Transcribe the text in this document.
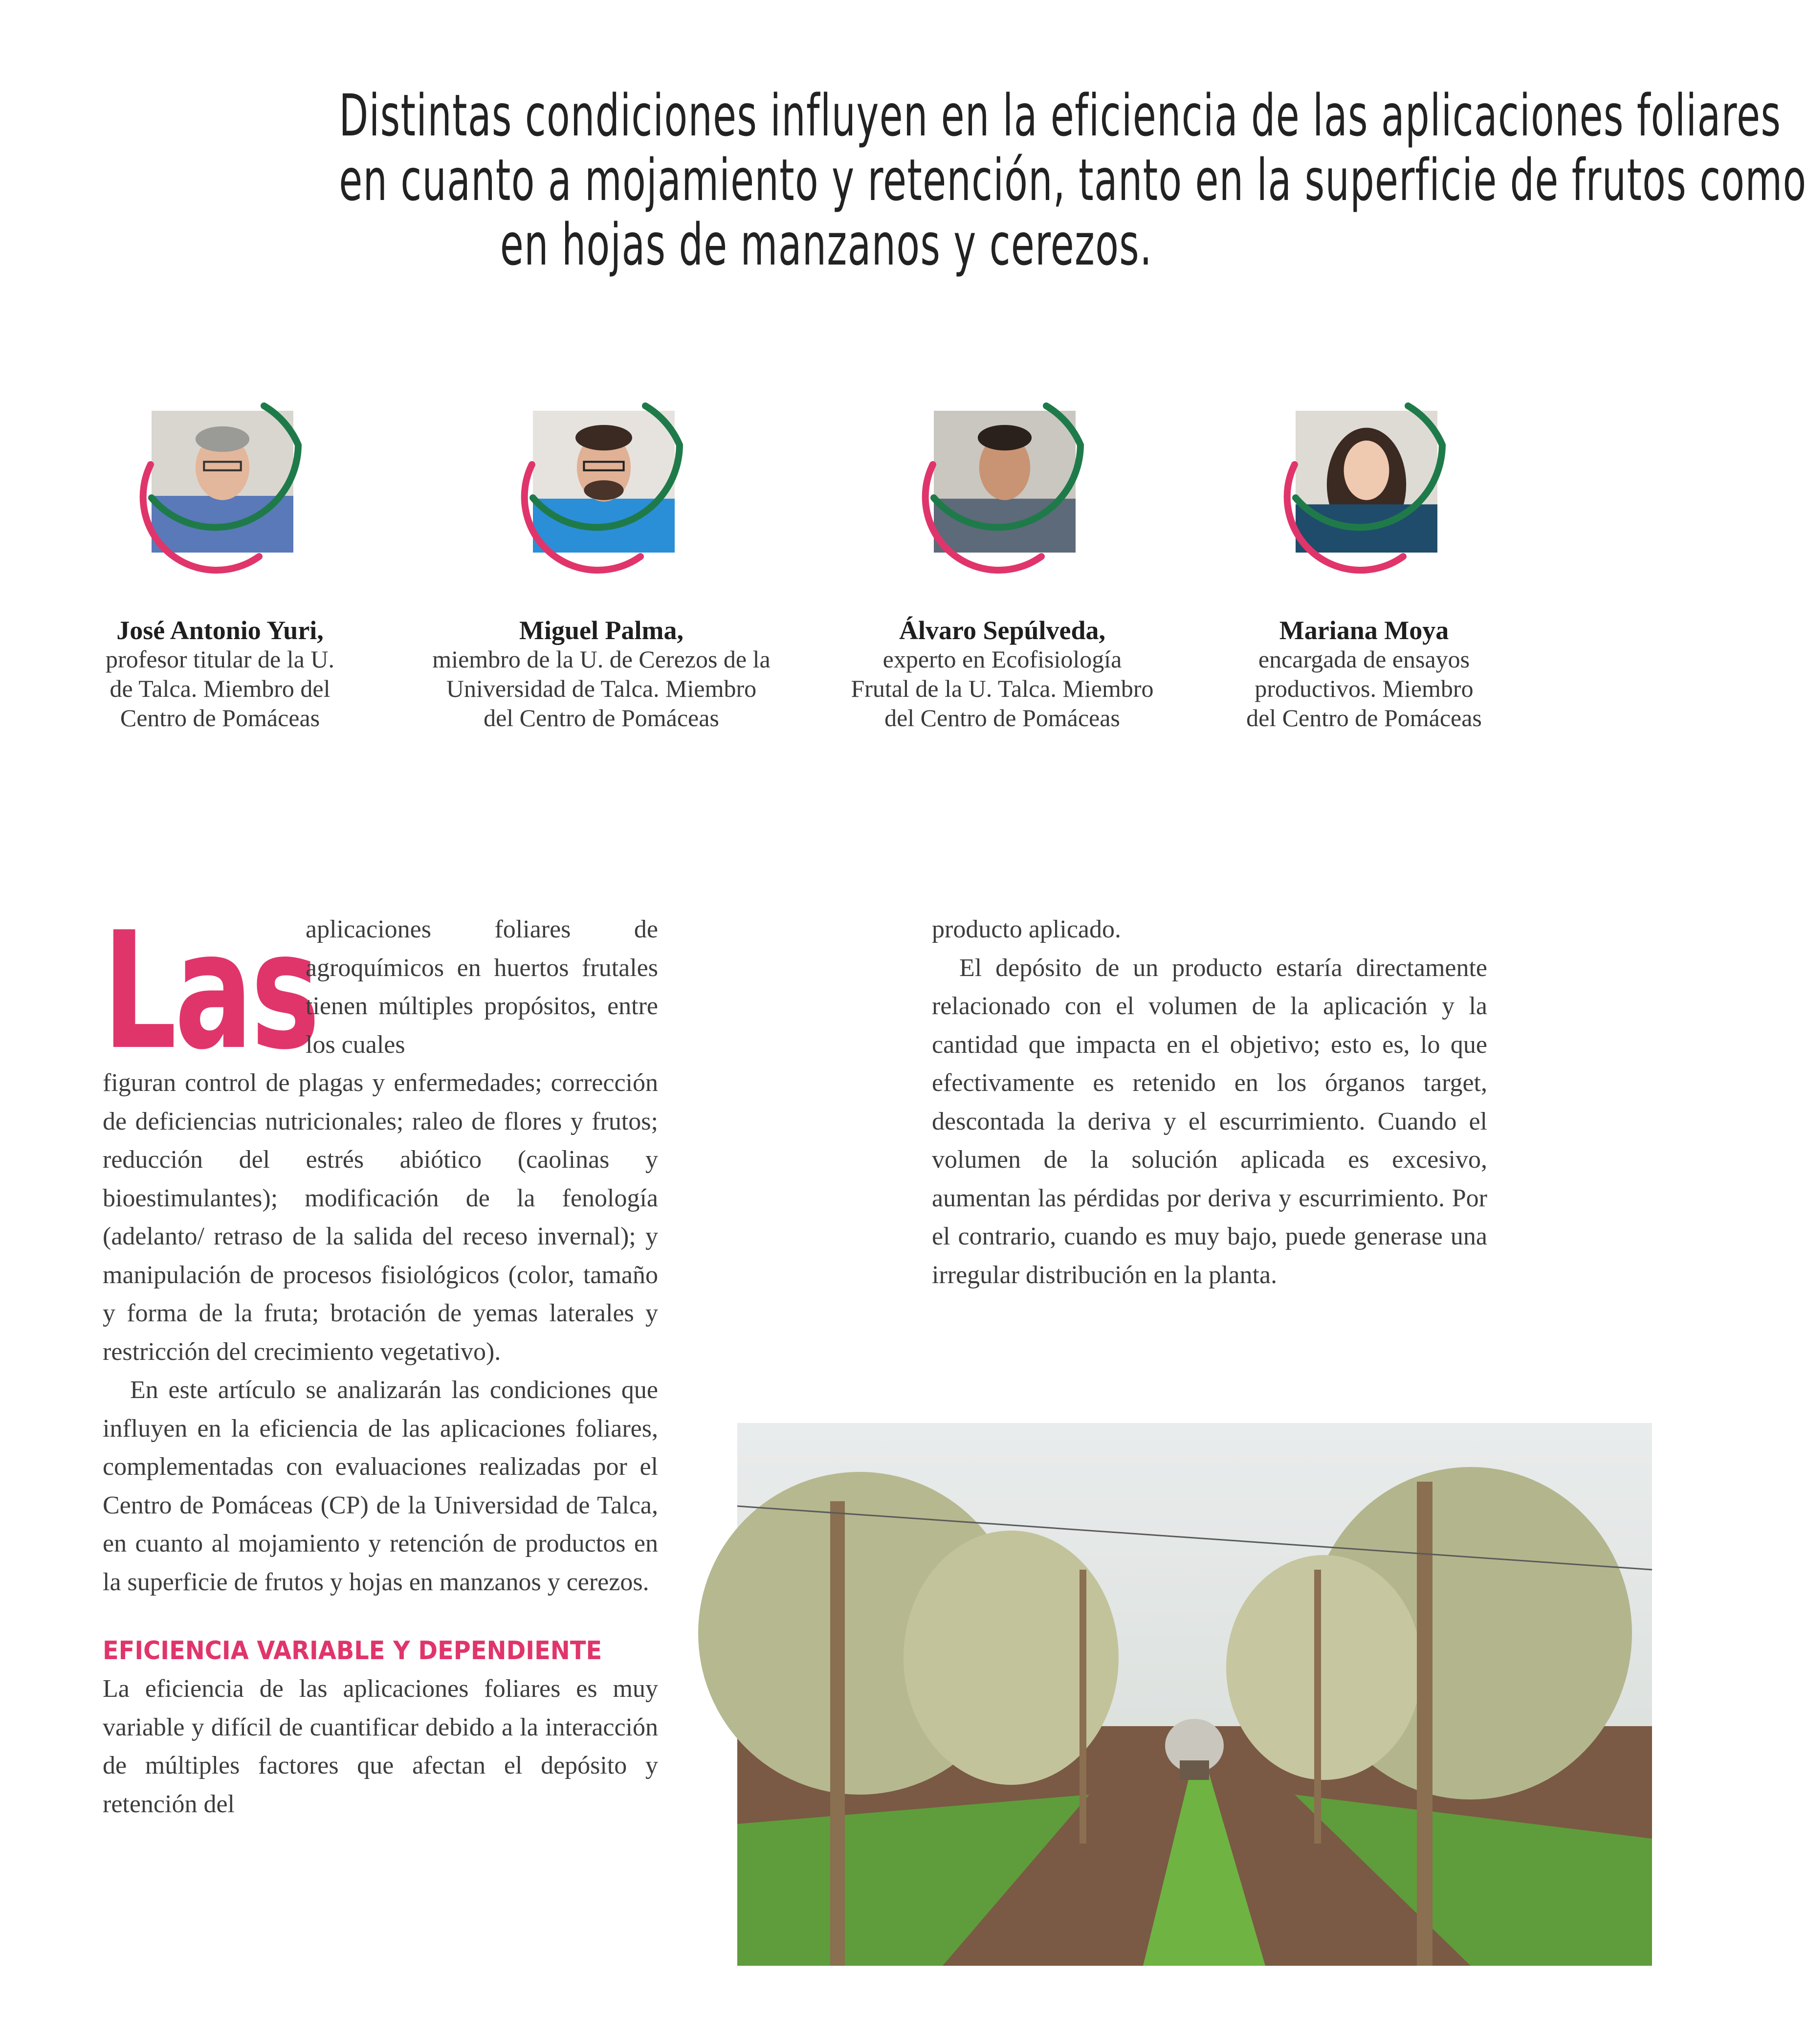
Distintas condiciones influyen en la eficiencia de las aplicaciones foliares
en cuanto a mojamiento y retención, tanto en la superficie de frutos como
en hojas de manzanos y cerezos.
José Antonio Yuri,
profesor titular de la U.
de Talca. Miembro del
Centro de Pomáceas
Miguel Palma,
miembro de la U. de Cerezos de la
Universidad de Talca. Miembro
del Centro de Pomáceas
Álvaro Sepúlveda,
experto en Ecofisiología
Frutal de la U. Talca. Miembro
del Centro de Pomáceas
Mariana Moya
encargada de ensayos
productivos. Miembro
del Centro de Pomáceas
Las
aplicaciones foliares de agroquímicos en huertos frutales tienen múltiples propósitos, entre los cuales

figuran control de plagas y enfermedades; corrección de deficiencias nutricionales; raleo de flores y frutos; reducción del estrés abiótico (caolinas y bioestimulantes); modificación de la fenología (adelanto/ retraso de la salida del receso invernal); y manipulación de procesos fisiológicos (color, tamaño y forma de la fruta; brotación de yemas laterales y restricción del crecimiento vegetativo).

En este artículo se analizarán las condiciones que influyen en la eficiencia de las aplicaciones foliares, complementadas con evaluaciones realizadas por el Centro de Pomáceas (CP) de la Universidad de Talca, en cuanto al mojamiento y retención de productos en la superficie de frutos y hojas en manzanos y cerezos.

EFICIENCIA VARIABLE Y DEPENDIENTE

La eficiencia de las aplicaciones foliares es muy variable y difícil de cuantificar debido a la interacción de múltiples factores que afectan el depósito y retención del

producto aplicado.

El depósito de un producto estaría directamente relacionado con el volumen de la aplicación y la cantidad que impacta en el objetivo; esto es, lo que efectivamente es retenido en los órganos target, descontada la deriva y el escurrimiento. Cuando el volumen de la solución aplicada es excesivo, aumentan las pérdidas por deriva y escurrimiento. Por el contrario, cuando es muy bajo, puede generase una irregular distribución en la planta.
